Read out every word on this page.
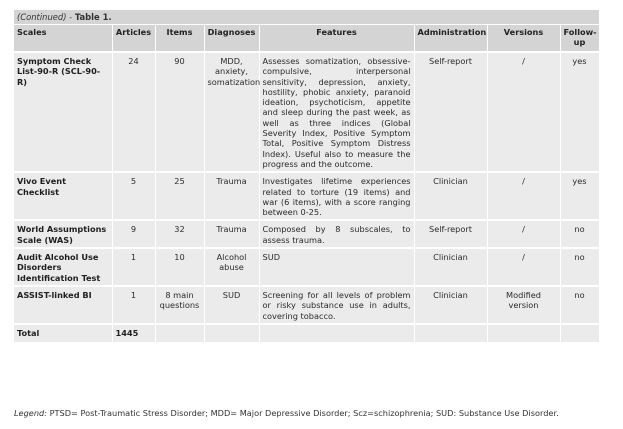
(Continued) - Table 1.
Scales	Articles	Items	Diagnoses	Features	Administration	Versions	Follow-up
Symptom Check List-90-R (SCL-90-R)	24	90	MDD, anxiety, somatization	Assesses somatization, obsessive-compulsive, interpersonal sensitivity, depression, anxiety, hostility, phobic anxiety, paranoid ideation, psychoticism, appetite and sleep during the past week, as well as three indices (Global Severity Index, Positive Symptom Total, Positive Symptom Distress Index). Useful also to measure the progress and the outcome.	Self-report	/	yes
Vivo Event Checklist	5	25	Trauma	Investigates lifetime experiences related to torture (19 items) and war (6 items), with a score ranging between 0-25.	Clinician	/	yes
World Assumptions Scale (WAS)	9	32	Trauma	Composed by 8 subscales, to assess trauma.	Self-report	/	no
Audit Alcohol Use Disorders Identification Test	1	10	Alcohol abuse	SUD	Clinician	/	no
ASSIST-linked BI	1	8 main questions	SUD	Screening for all levels of problem or risky substance use in adults, covering tobacco.	Clinician	Modified version	no
Total	1445						
Legend: PTSD= Post-Traumatic Stress Disorder; MDD= Major Depressive Disorder; Scz=schizophrenia; SUD: Substance Use Disorder.
